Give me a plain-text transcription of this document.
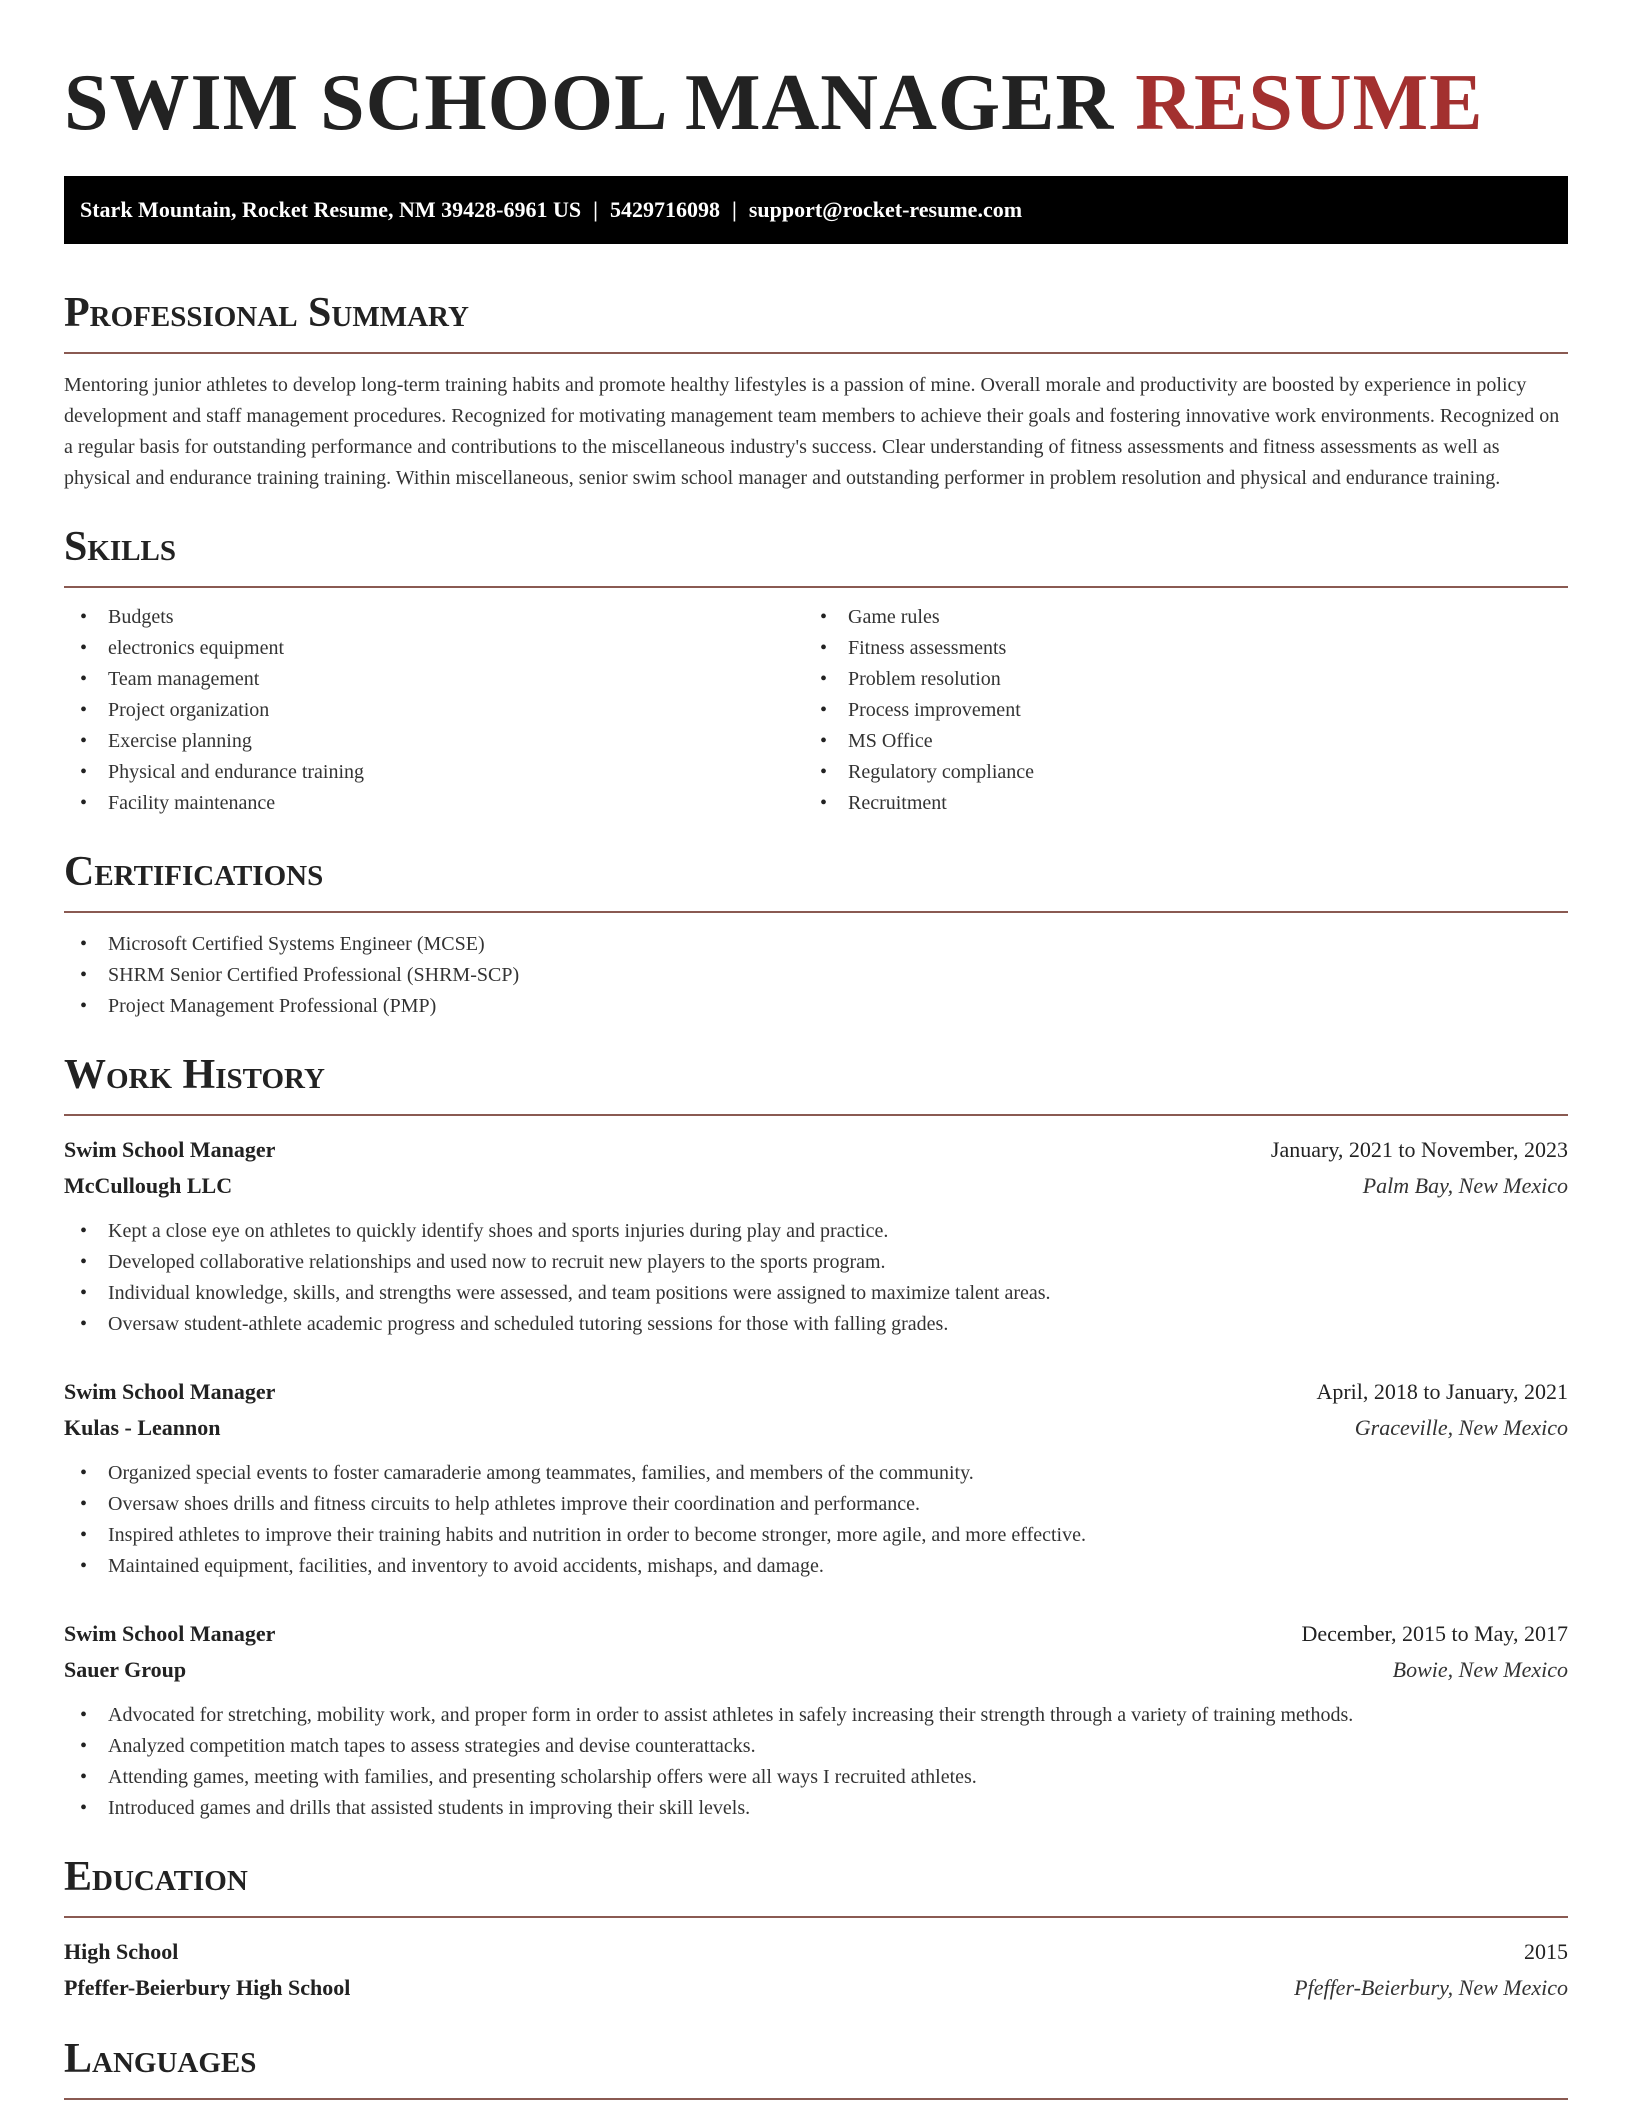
SWIM SCHOOL MANAGER RESUME
Stark Mountain, Rocket Resume, NM 39428-6961 US | 5429716098 | support@rocket-resume.com
Professional Summary

Mentoring junior athletes to develop long-term training habits and promote healthy lifestyles is a passion of mine. Overall morale and productivity are boosted by experience in policy development and staff management procedures. Recognized for motivating management team members to achieve their goals and fostering innovative work environments. Recognized on a regular basis for outstanding performance and contributions to the miscellaneous industry's success. Clear understanding of fitness assessments and fitness assessments as well as physical and endurance training training. Within miscellaneous, senior swim school manager and outstanding performer in problem resolution and physical and endurance training.

Skills
• Budgets
• electronics equipment
• Team management
• Project organization
• Exercise planning
• Physical and endurance training
• Facility maintenance
• Game rules
• Fitness assessments
• Problem resolution
• Process improvement
• MS Office
• Regulatory compliance
• Recruitment
Certifications
• Microsoft Certified Systems Engineer (MCSE)
• SHRM Senior Certified Professional (SHRM-SCP)
• Project Management Professional (PMP)
Work History
Swim School Manager	January, 2021 to November, 2023
McCullough LLC	Palm Bay, New Mexico
• Kept a close eye on athletes to quickly identify shoes and sports injuries during play and practice.
• Developed collaborative relationships and used now to recruit new players to the sports program.
• Individual knowledge, skills, and strengths were assessed, and team positions were assigned to maximize talent areas.
• Oversaw student-athlete academic progress and scheduled tutoring sessions for those with falling grades.
Swim School Manager	April, 2018 to January, 2021
Kulas - Leannon	Graceville, New Mexico
• Organized special events to foster camaraderie among teammates, families, and members of the community.
• Oversaw shoes drills and fitness circuits to help athletes improve their coordination and performance.
• Inspired athletes to improve their training habits and nutrition in order to become stronger, more agile, and more effective.
• Maintained equipment, facilities, and inventory to avoid accidents, mishaps, and damage.
Swim School Manager	December, 2015 to May, 2017
Sauer Group	Bowie, New Mexico
• Advocated for stretching, mobility work, and proper form in order to assist athletes in safely increasing their strength through a variety of training methods.
• Analyzed competition match tapes to assess strategies and devise counterattacks.
• Attending games, meeting with families, and presenting scholarship offers were all ways I recruited athletes.
• Introduced games and drills that assisted students in improving their skill levels.
Education
High School	2015
Pfeffer-Beierbury High School	Pfeffer-Beierbury, New Mexico
Languages
